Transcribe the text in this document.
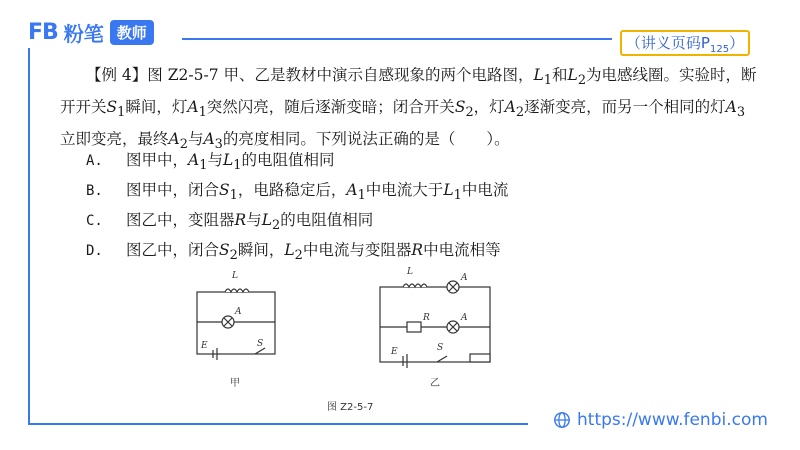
FB 粉笔 教师
（讲义页码$P_{125}$）

【例 4】图 Z2-5-7 甲、乙是教材中演示自感现象的两个电路图，$L_1$和$L_2$为电感线圈。实验时，断开开关$S_1$瞬间，灯$A_1$突然闪亮，随后逐渐变暗；闭合开关$S_2$，灯$A_2$逐渐变亮，而另一个相同的灯$A_3$立即变亮，最终$A_2$与$A_3$的亮度相同。下列说法正确的是（　　）。

A. 图甲中，$A_1$与$L_1$的电阻值相同
B. 图甲中，闭合$S_1$，电路稳定后，$A_1$中电流大于$L_1$中电流
C. 图乙中，变阻器R与$L_2$的电阻值相同
D. 图乙中，闭合$S_2$瞬间，$L_2$中电流与变阻器R中电流相等
L
A
E	S
L
A
R	A
E	S
甲	乙
图 Z2-5-7
https://www.fenbi.com
